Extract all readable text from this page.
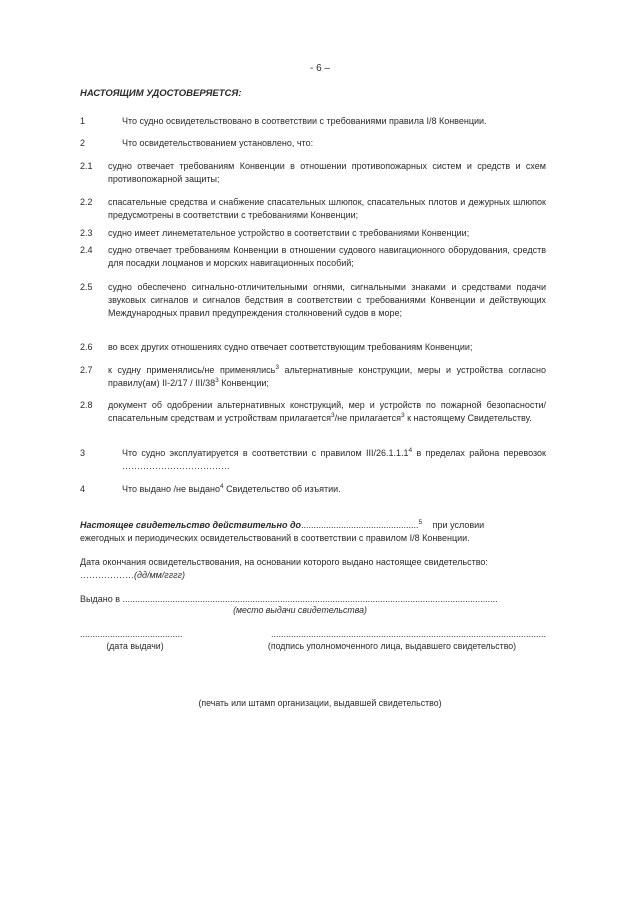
- 6 –
НАСТОЯЩИМ УДОСТОВЕРЯЕТСЯ:
1	Что судно освидетельствовано в соответствии с требованиями правила I/8 Конвенции.
2	Что освидетельствованием установлено, что:
2.1	судно отвечает требованиям Конвенции в отношении противопожарных систем и средств и схем противопожарной защиты;
2.2	спасательные средства и снабжение спасательных шлюпок, спасательных плотов и дежурных шлюпок предусмотрены в соответствии с требованиями Конвенции;
2.3	судно имеет линеметательное устройство в соответствии с требованиями Конвенции;
2.4	судно отвечает требованиям Конвенции в отношении судового навигационного оборудования, средств для посадки лоцманов и морских навигационных пособий;
2.5	судно обеспечено сигнально-отличительными огнями, сигнальными знаками и средствами подачи звуковых сигналов и сигналов бедствия в соответствии с требованиями Конвенции и действующих Международных правил предупреждения столкновений судов в море;
2.6	во всех других отношениях судно отвечает соответствующим требованиям Конвенции;
2.7	к судну применялись/не применялись$^3$ альтернативные конструкции, меры и устройства согласно правилу(ам) II-2/17 / III/$38^3$ Конвенции;
2.8	документ об одобрении альтернативных конструкций, мер и устройств по пожарной безопасности/спасательным средствам и устройствам прилагается$^3$/не прилагается$^3$ к настоящему Свидетельству.
3	Что судно эксплуатируется в соответствии с правилом III/26.1.1.1$^4$ в пределах района перевозок ………………………………
4	Что выдано /не выдано$^4$ Свидетельство об изъятии.
Настоящее свидетельство действительно до...............................................$^5$ при условии
ежегодных и периодических освидетельствований в соответствии с правилом I/8 Конвенции.
Дата окончания освидетельствования, на основании которого выдано настоящее свидетельство:
………………(дд/мм/гггг)
Выдано в ......................................................................................................................................................
(место выдачи свидетельства)
.........................................	..............................................................................................................
(дата выдачи)	(подпись уполномоченного лица, выдавшего свидетельство)
(печать или штамп организации, выдавшей свидетельство)
